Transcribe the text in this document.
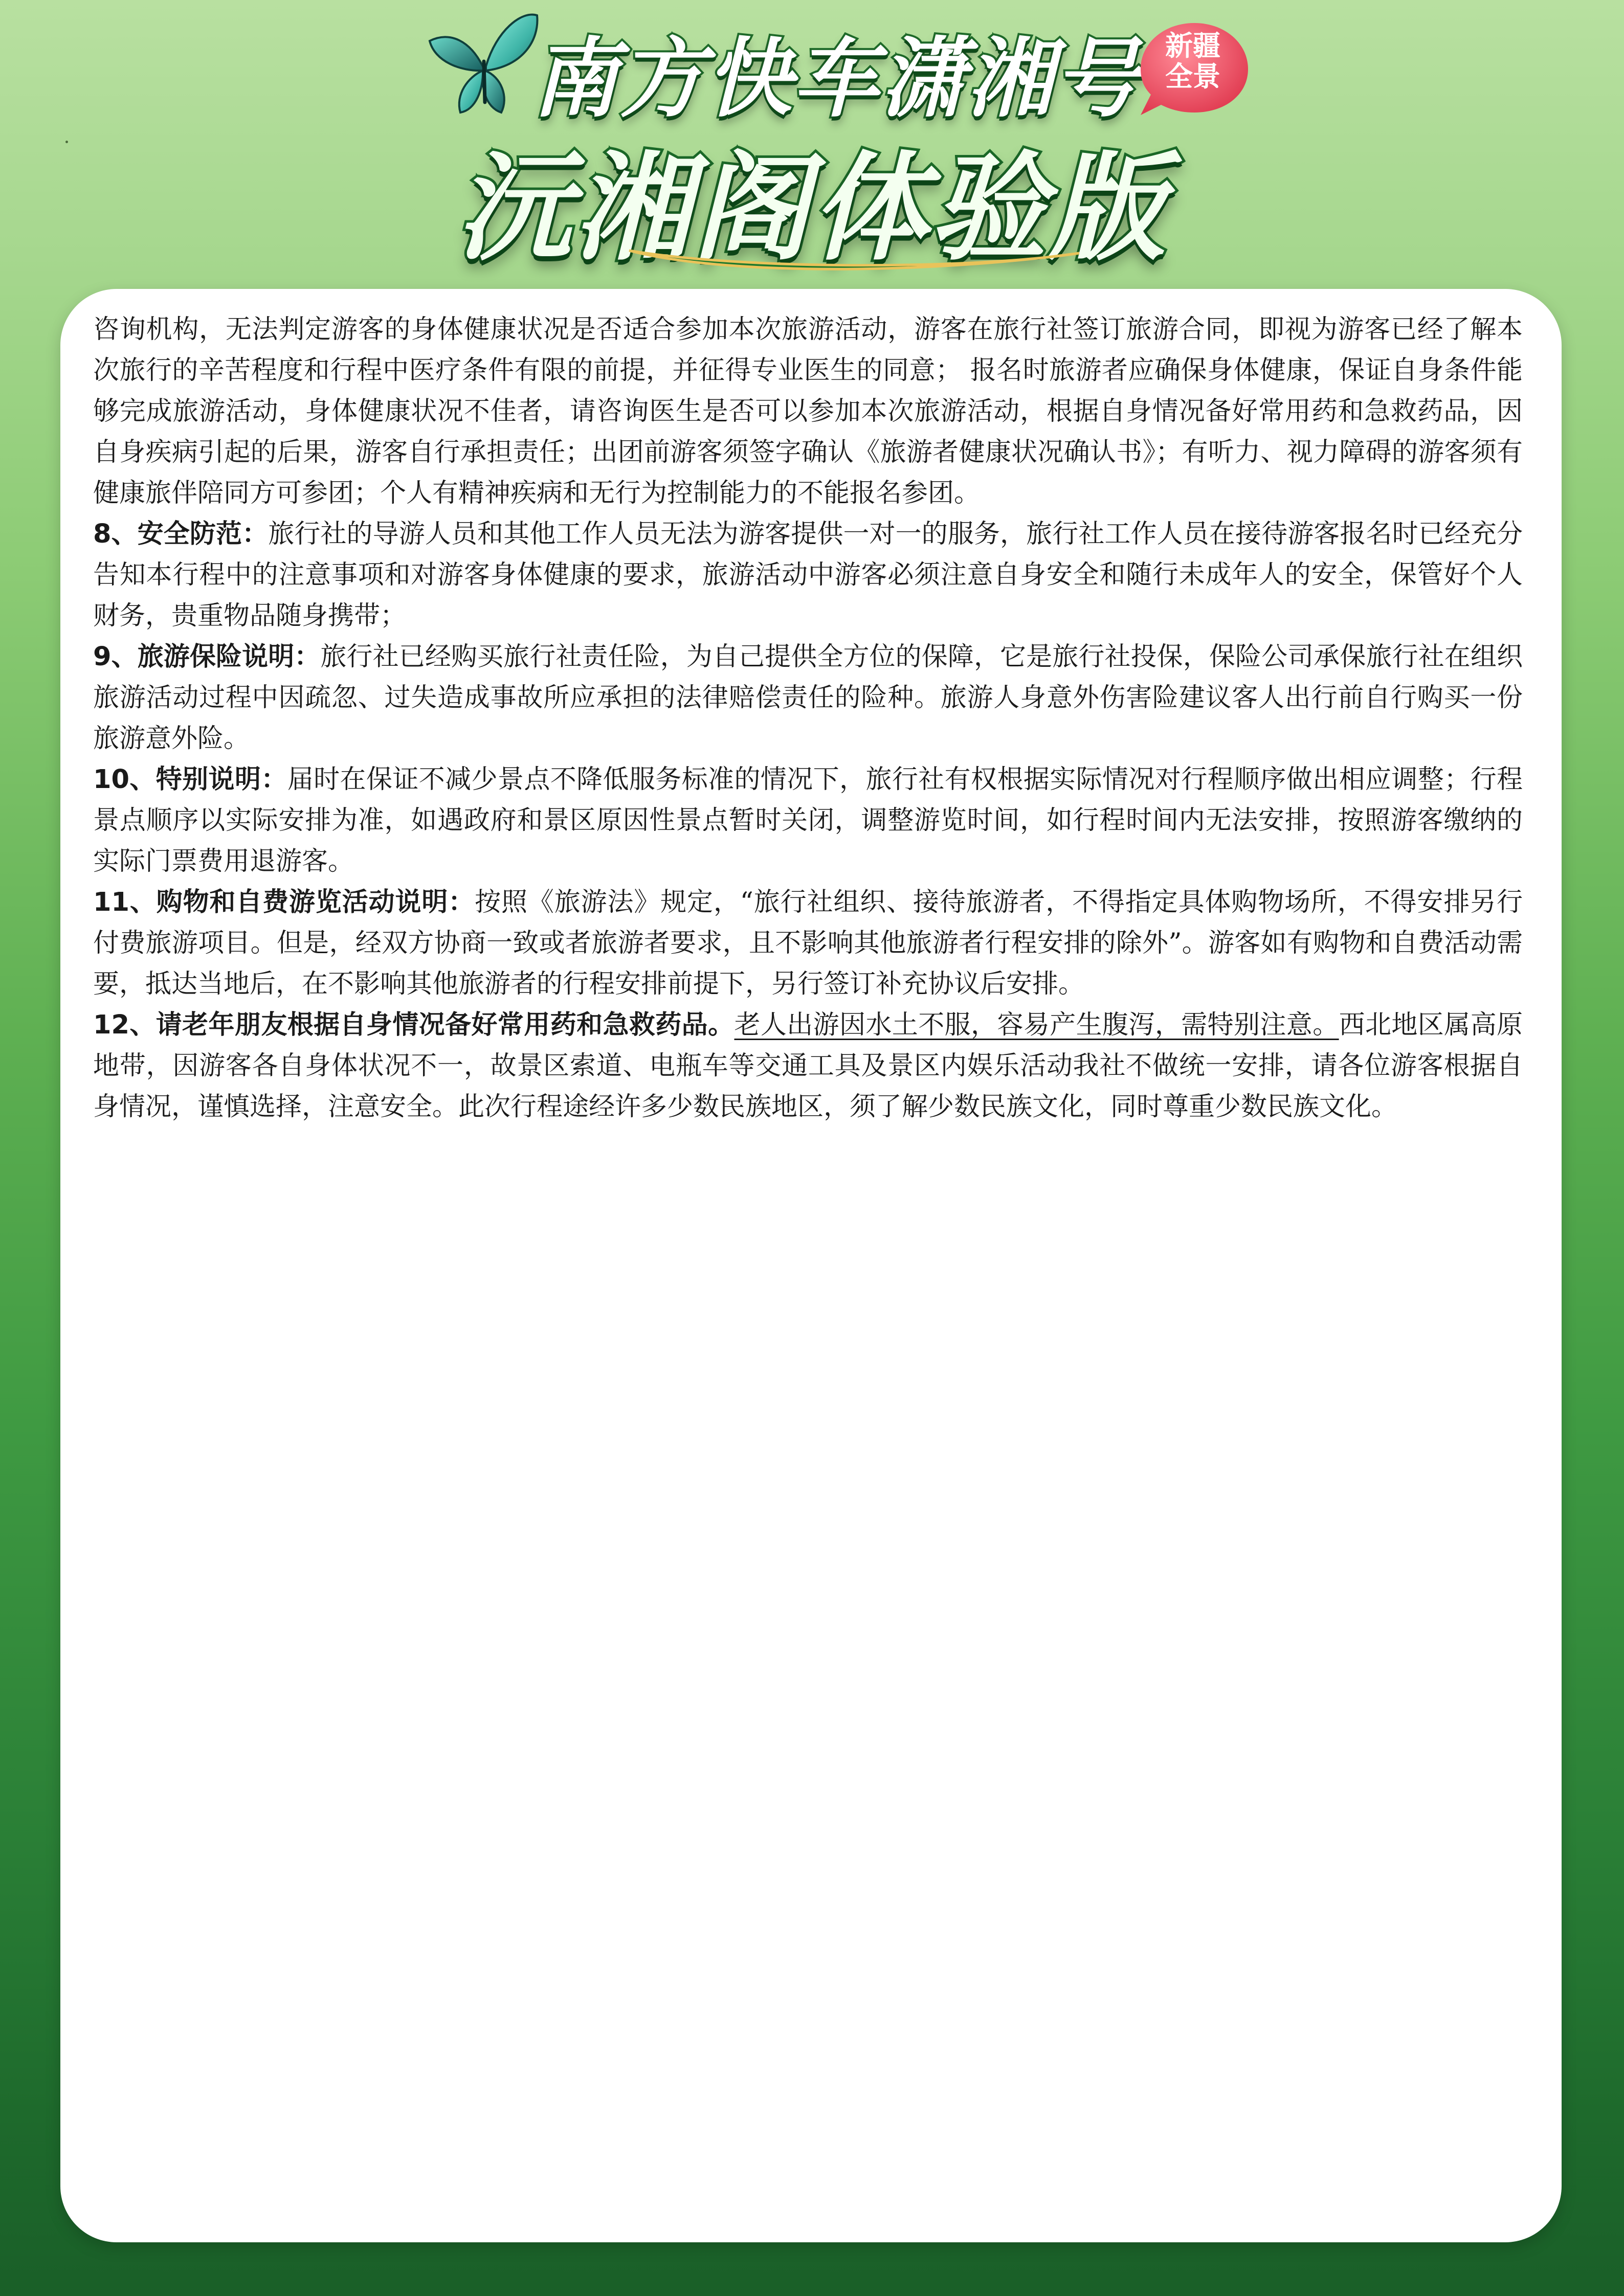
南方快车潇湘号
沅湘阁体验版
新疆
全景

咨询机构，无法判定游客的身体健康状况是否适合参加本次旅游活动，游客在旅行社签订旅游合同，即视为游客已经了解本次旅行的辛苦程度和行程中医疗条件有限的前提，并征得专业医生的同意； 报名时旅游者应确保身体健康，保证自身条件能够完成旅游活动，身体健康状况不佳者，请咨询医生是否可以参加本次旅游活动，根据自身情况备好常用药和急救药品，因自身疾病引起的后果，游客自行承担责任；出团前游客须签字确认《旅游者健康状况确认书》；有听力、视力障碍的游客须有健康旅伴陪同方可参团；个人有精神疾病和无行为控制能力的不能报名参团。

8、安全防范：旅行社的导游人员和其他工作人员无法为游客提供一对一的服务，旅行社工作人员在接待游客报名时已经充分告知本行程中的注意事项和对游客身体健康的要求，旅游活动中游客必须注意自身安全和随行未成年人的安全，保管好个人财务，贵重物品随身携带；

9、旅游保险说明：旅行社已经购买旅行社责任险，为自己提供全方位的保障，它是旅行社投保，保险公司承保旅行社在组织旅游活动过程中因疏忽、过失造成事故所应承担的法律赔偿责任的险种。旅游人身意外伤害险建议客人出行前自行购买一份旅游意外险。

10、特别说明：届时在保证不减少景点不降低服务标准的情况下，旅行社有权根据实际情况对行程顺序做出相应调整；行程景点顺序以实际安排为准，如遇政府和景区原因性景点暂时关闭，调整游览时间，如行程时间内无法安排，按照游客缴纳的实际门票费用退游客。

11、购物和自费游览活动说明：按照《旅游法》规定，“旅行社组织、接待旅游者，不得指定具体购物场所，不得安排另行付费旅游项目。但是，经双方协商一致或者旅游者要求，且不影响其他旅游者行程安排的除外”。游客如有购物和自费活动需要，抵达当地后，在不影响其他旅游者的行程安排前提下，另行签订补充协议后安排。

12、请老年朋友根据自身情况备好常用药和急救药品。老人出游因水土不服，容易产生腹泻，需特别注意。西北地区属高原地带，因游客各自身体状况不一，故景区索道、电瓶车等交通工具及景区内娱乐活动我社不做统一安排，请各位游客根据自身情况，谨慎选择，注意安全。此次行程途经许多少数民族地区，须了解少数民族文化，同时尊重少数民族文化。
